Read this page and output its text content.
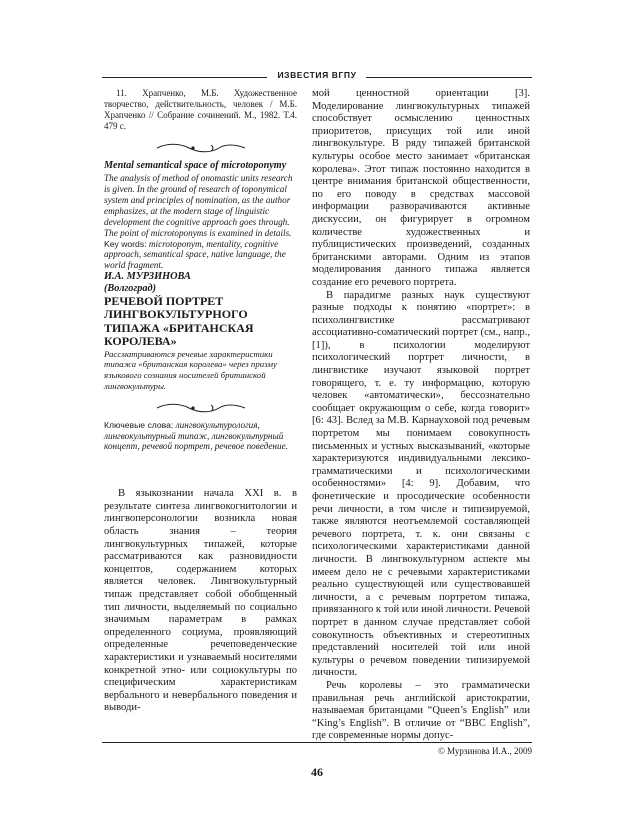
ИЗВЕСТИЯ ВГПУ

11. Храпченко, М.Б. Художественное творчество, действительность, человек / М.Б. Храпченко // Собрание сочинений. М., 1982. Т.4. 479 с.

Mental semantical space of microtoponymy

The analysis of method of onomastic units research is given. In the ground of research of toponymical system and principles of nomination, as the author emphasizes, at the modern stage of linguistic development the cognitive approach goes through. The point of microtoponyms is examined in details.

Key words: microtoponym, mentality, cognitive approach, semantical space, native language, the world fragment.

И.А. МУРЗИНОВА
(Волгоград)

РЕЧЕВОЙ ПОРТРЕТ ЛИНГВОКУЛЬТУРНОГО ТИПАЖА «БРИТАНСКАЯ КОРОЛЕВА»

Рассматриваются речевые характеристики типажа «британская королева» через призму языкового сознания носителей британской лингвокультуры.

Ключевые слова: лингвокультурология, лингвокультурный типаж, лингвокультурный концепт, речевой портрет, речевое поведение.

В языкознании начала XXI в. в результате синтеза лингвокогнитологии и лингвоперсонологии возникла новая область знания – теория лингвокультурных типажей, которые рассматриваются как разновидности концептов, содержанием которых является человек. Лингвокультурный типаж представляет собой обобщенный тип личности, выделяемый по социально значимым параметрам в рамках определенного социума, проявляющий определенные речеповеденческие характеристики и узнаваемый носителями конкретной этно- или социокультуры по специфическим характеристикам вербального и невербального поведения и выводи-

мой ценностной ориентации [3]. Моделирование лингвокультурных типажей способствует осмыслению ценностных приоритетов, присущих той или иной лингвокультуре. В ряду типажей британской культуры особое место занимает «британская королева». Этот типаж постоянно находится в центре внимания британской общественности, по его поводу в средствах массовой информации разворачиваются активные дискуссии, он фигурирует в огромном количестве художественных и публицистических произведений, созданных британскими авторами. Одним из этапов моделирования данного типажа является создание его речевого портрета.

В парадигме разных наук существуют разные подходы к понятию «портрет»: в психолингвистике рассматривают ассоциативно-соматический портрет (см., напр., [1]), в психологии моделируют психологический портрет личности, в лингвистике изучают языковой портрет говорящего, т. е. ту информацию, которую человек «автоматически», бессознательно сообщает окружающим о себе, когда говорит» [6: 43]. Вслед за М.В. Карнауховой под речевым портретом мы понимаем совокупность письменных и устных высказываний, «которые характеризуются индивидуальными лексико-грамматическими и психологическими особенностями» [4: 9]. Добавим, что фонетические и просодические особенности речи личности, в том числе и типизируемой, также являются неотъемлемой составляющей речевого портрета, т. к. они связаны с психологическими характеристиками данной личности. В лингвокультурном аспекте мы имеем дело не с речевыми характеристиками реально существующей или существовавшей личности, а с речевым портретом типажа, привязанного к той или иной личности. Речевой портрет в данном случае представляет собой совокупность объективных и стереотипных представлений носителей той или иной культуры о речевом поведении типизируемой личности.

Речь королевы – это грамматически правильная речь английской аристократии, называемая британцами “Queen’s English” или “King’s English”. В отличие от “BBC English”, где современные нормы допус-

© Мурзинова И.А., 2009
46
